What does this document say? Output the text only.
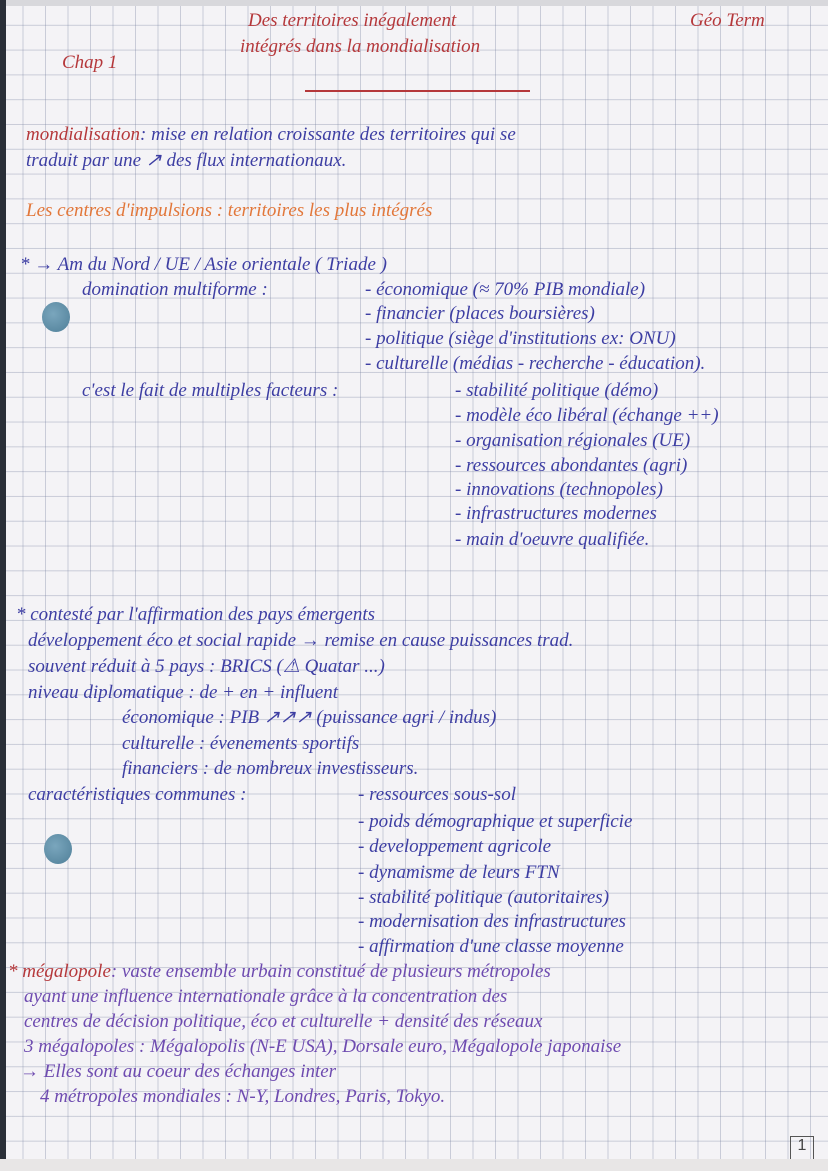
Chap 1
Des territoires inégalement
intégrés dans la mondialisation
Géo Term
mondialisation: mise en relation croissante des territoires qui se
traduit par une ↗ des flux internationaux.
Les centres d'impulsions : territoires les plus intégrés
* → Am du Nord / UE / Asie orientale ( Triade )
domination multiforme :	- économique (≈ 70% PIB mondiale)
- financier (places boursières)
- politique (siège d'institutions ex: ONU)
- culturelle (médias - recherche - éducation).
c'est le fait de multiples facteurs :	- stabilité politique (démo)
- modèle éco libéral (échange ++)
- organisation régionales (UE)
- ressources abondantes (agri)
- innovations (technopoles)
- infrastructures modernes
- main d'oeuvre qualifiée.
* contesté par l'affirmation des pays émergents
développement éco et social rapide → remise en cause puissances trad.
souvent réduit à 5 pays : BRICS (⚠ Quatar ...)
niveau diplomatique : de + en + influent
économique : PIB ↗↗↗ (puissance agri / indus)
culturelle : évenements sportifs
financiers : de nombreux investisseurs.
caractéristiques communes :	- ressources sous-sol
- poids démographique et superficie
- developpement agricole
- dynamisme de leurs FTN
- stabilité politique (autoritaires)
- modernisation des infrastructures
- affirmation d'une classe moyenne
* mégalopole: vaste ensemble urbain constitué de plusieurs métropoles
ayant une influence internationale grâce à la concentration des
centres de décision politique, éco et culturelle + densité des réseaux
3 mégalopoles : Mégalopolis (N-E USA), Dorsale euro, Mégalopole japonaise
→ Elles sont au coeur des échanges inter
4 métropoles mondiales : N-Y, Londres, Paris, Tokyo.
1
